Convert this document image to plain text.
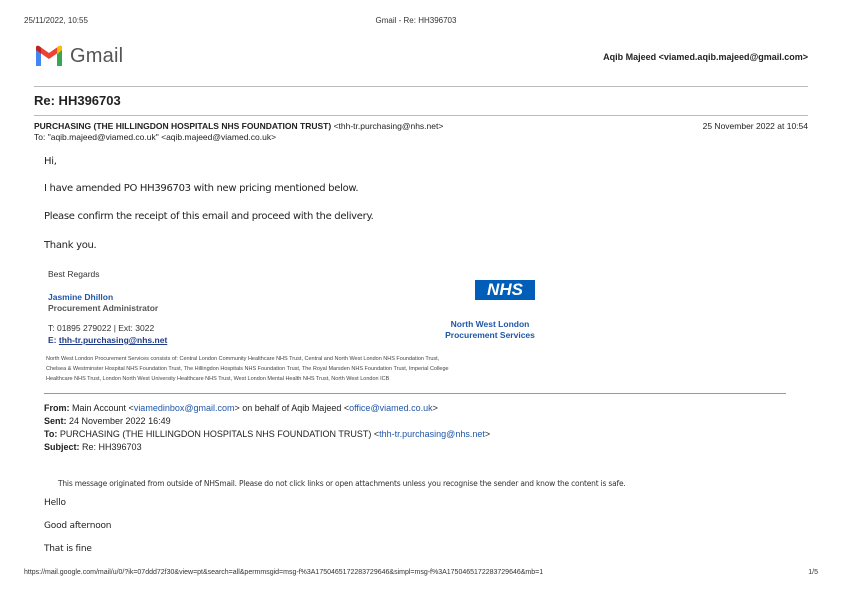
25/11/2022, 10:55	Gmail - Re: HH396703
Gmail	Aqib Majeed <viamed.aqib.majeed@gmail.com>
Re: HH396703
PURCHASING (THE HILLINGDON HOSPITALS NHS FOUNDATION TRUST) <thh-tr.purchasing@nhs.net>	25 November 2022 at 10:54
To: "aqib.majeed@viamed.co.uk" <aqib.majeed@viamed.co.uk>
Hi,
I have amended PO HH396703 with new pricing mentioned below.
Please confirm the receipt of this email and proceed with the delivery.
Thank you.
Best Regards
Jasmine Dhillon
Procurement Administrator
T: 01895 279022 | Ext: 3022
E: thh-tr.purchasing@nhs.net
NHS
North West London
Procurement Services
North West London Procurement Services consists of: Central London Community Healthcare NHS Trust, Central and North West London NHS Foundation Trust,
Chelsea & Westminster Hospital NHS Foundation Trust, The Hillingdon Hospitals NHS Foundation Trust, The Royal Marsden NHS Foundation Trust, Imperial College
Healthcare NHS Trust, London North West University Healthcare NHS Trust, West London Mental Health NHS Trust, North West London ICB
From: Main Account <viamedinbox@gmail.com> on behalf of Aqib Majeed <office@viamed.co.uk>
Sent: 24 November 2022 16:49
To: PURCHASING (THE HILLINGDON HOSPITALS NHS FOUNDATION TRUST) <thh-tr.purchasing@nhs.net>
Subject: Re: HH396703
This message originated from outside of NHSmail. Please do not click links or open attachments unless you recognise the sender and know the content is safe.
Hello
Good afternoon
That is fine
https://mail.google.com/mail/u/0/?ik=07ddd72f30&view=pt&search=all&permmsgid=msg-f%3A1750465172283729646&simpl=msg-f%3A1750465172283729646&mb=1	1/5
